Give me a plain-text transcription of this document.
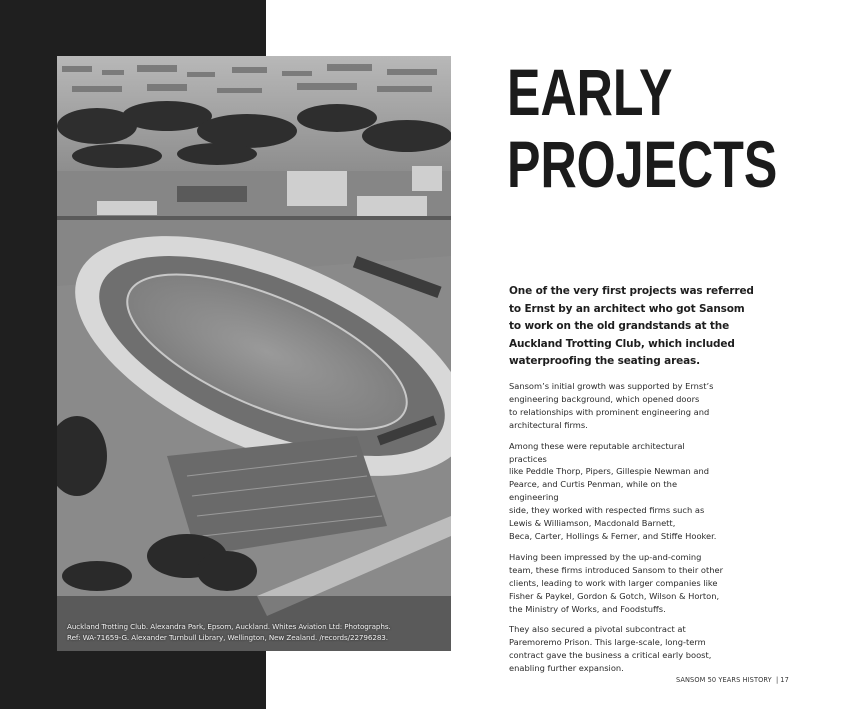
Auckland Trotting Club. Alexandra Park, Epsom, Auckland. Whites Aviation Ltd: Photographs.
Ref: WA-71659-G. Alexander Turnbull Library, Wellington, New Zealand. /records/22796283.
EARLY
PROJECTS
One of the very first projects was referred
to Ernst by an architect who got Sansom
to work on the old grandstands at the
Auckland Trotting Club, which included
waterproofing the seating areas.

Sansom’s initial growth was supported by Ernst’s
engineering background, which opened doors
to relationships with prominent engineering and
architectural firms.

Among these were reputable architectural practices
like Peddle Thorp, Pipers, Gillespie Newman and
Pearce, and Curtis Penman, while on the engineering
side, they worked with respected firms such as
Lewis & Williamson, Macdonald Barnett,
Beca, Carter, Hollings & Ferner, and Stiffe Hooker.

Having been impressed by the up-and-coming
team, these firms introduced Sansom to their other
clients, leading to work with larger companies like
Fisher & Paykel, Gordon & Gotch, Wilson & Horton,
the Ministry of Works, and Foodstuffs.

They also secured a pivotal subcontract at
Paremoremo Prison. This large-scale, long-term
contract gave the business a critical early boost,
enabling further expansion.

SANSOM 50 YEARS HISTORY | 17
